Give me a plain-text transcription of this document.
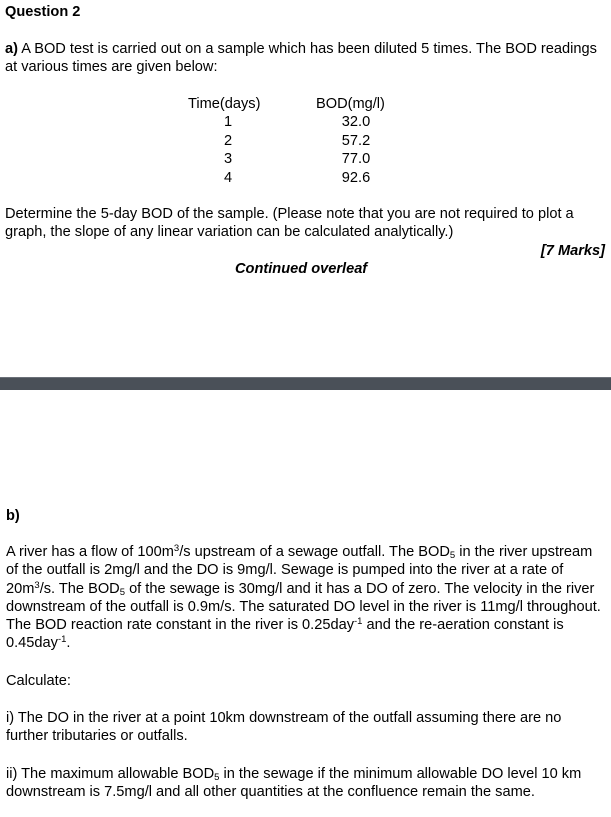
Question 2

a) A BOD test is carried out on a sample which has been diluted 5 times. The BOD readings at various times are given below:

Time(days)	BOD(mg/l)
1	32.0
2	57.2
3	77.0
4	92.6

Determine the 5-day BOD of the sample. (Please note that you are not required to plot a graph, the slope of any linear variation can be calculated analytically.)

[7 Marks]
Continued overleaf
b)

A river has a flow of $100m^3/s$ upstream of a sewage outfall. The $BOD_5$ in the river upstream of the outfall is 2mg/l and the DO is 9mg/l. Sewage is pumped into the river at a rate of $20m^3/s$. The $BOD_5$ of the sewage is 30mg/l and it has a DO of zero. The velocity in the river downstream of the outfall is 0.9m/s. The saturated DO level in the river is 11mg/l throughout. The BOD reaction rate constant in the river is 0.25day$^{-1}$ and the re-aeration constant is 0.45day$^{-1}$.

Calculate:

i) The DO in the river at a point 10km downstream of the outfall assuming there are no further tributaries or outfalls.

ii) The maximum allowable $BOD_5$ in the sewage if the minimum allowable DO level 10 km downstream is 7.5mg/l and all other quantities at the confluence remain the same.
